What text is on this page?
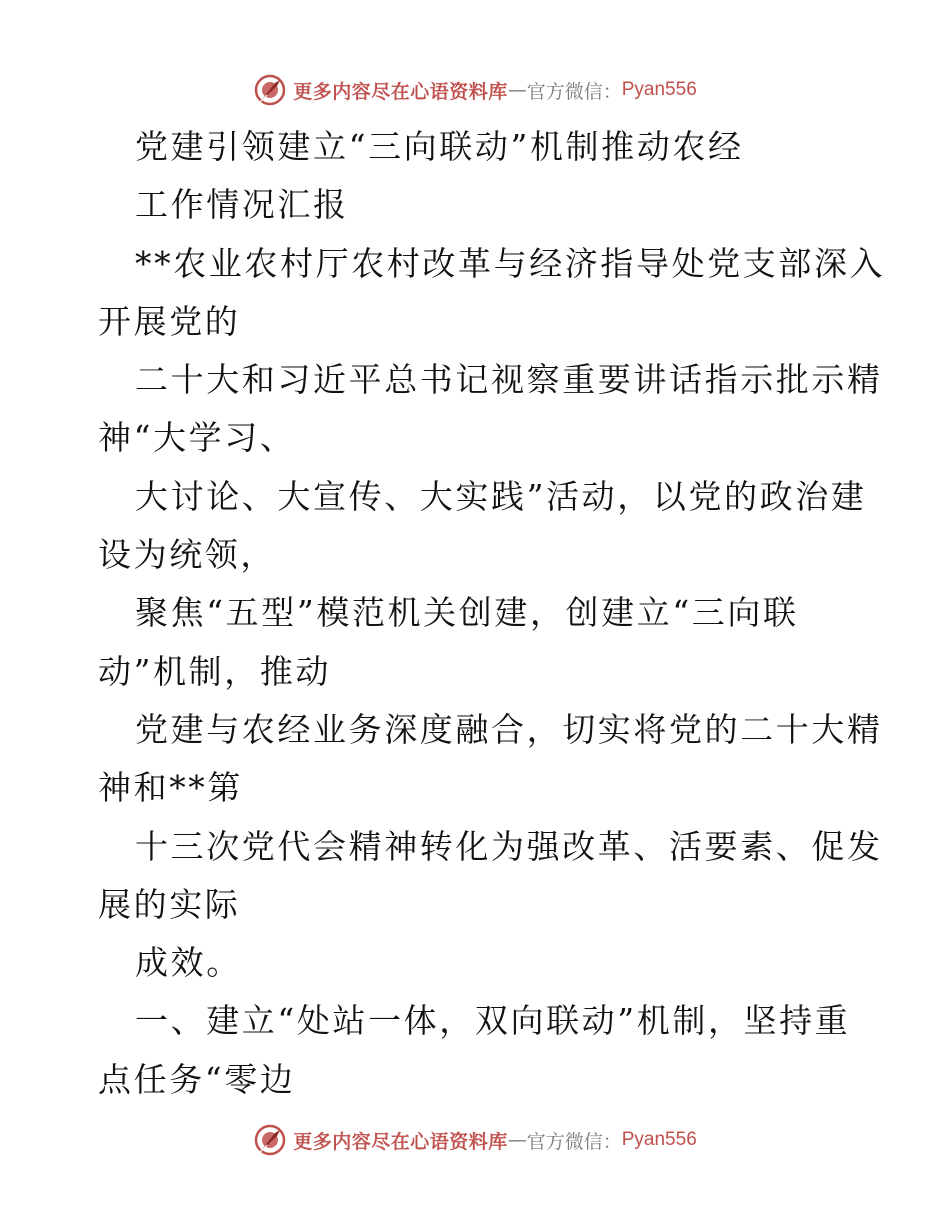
更多内容尽在心语资料库 — 官方微信： Pyan556
党建引领建立“三向联动”机制推动农经
工作情况汇报
**农业农村厅农村改革与经济指导处党支部深入
开展党的
二十大和习近平总书记视察重要讲话指示批示精
神“大学习、
大讨论、大宣传、大实践”活动，以党的政治建
设为统领，
聚焦“五型”模范机关创建，创建立“三向联
动”机制，推动
党建与农经业务深度融合，切实将党的二十大精
神和**第
十三次党代会精神转化为强改革、活要素、促发
展的实际
成效。
一、建立“处站一体，双向联动”机制，坚持重
点任务“零边
更多内容尽在心语资料库 — 官方微信： Pyan556
